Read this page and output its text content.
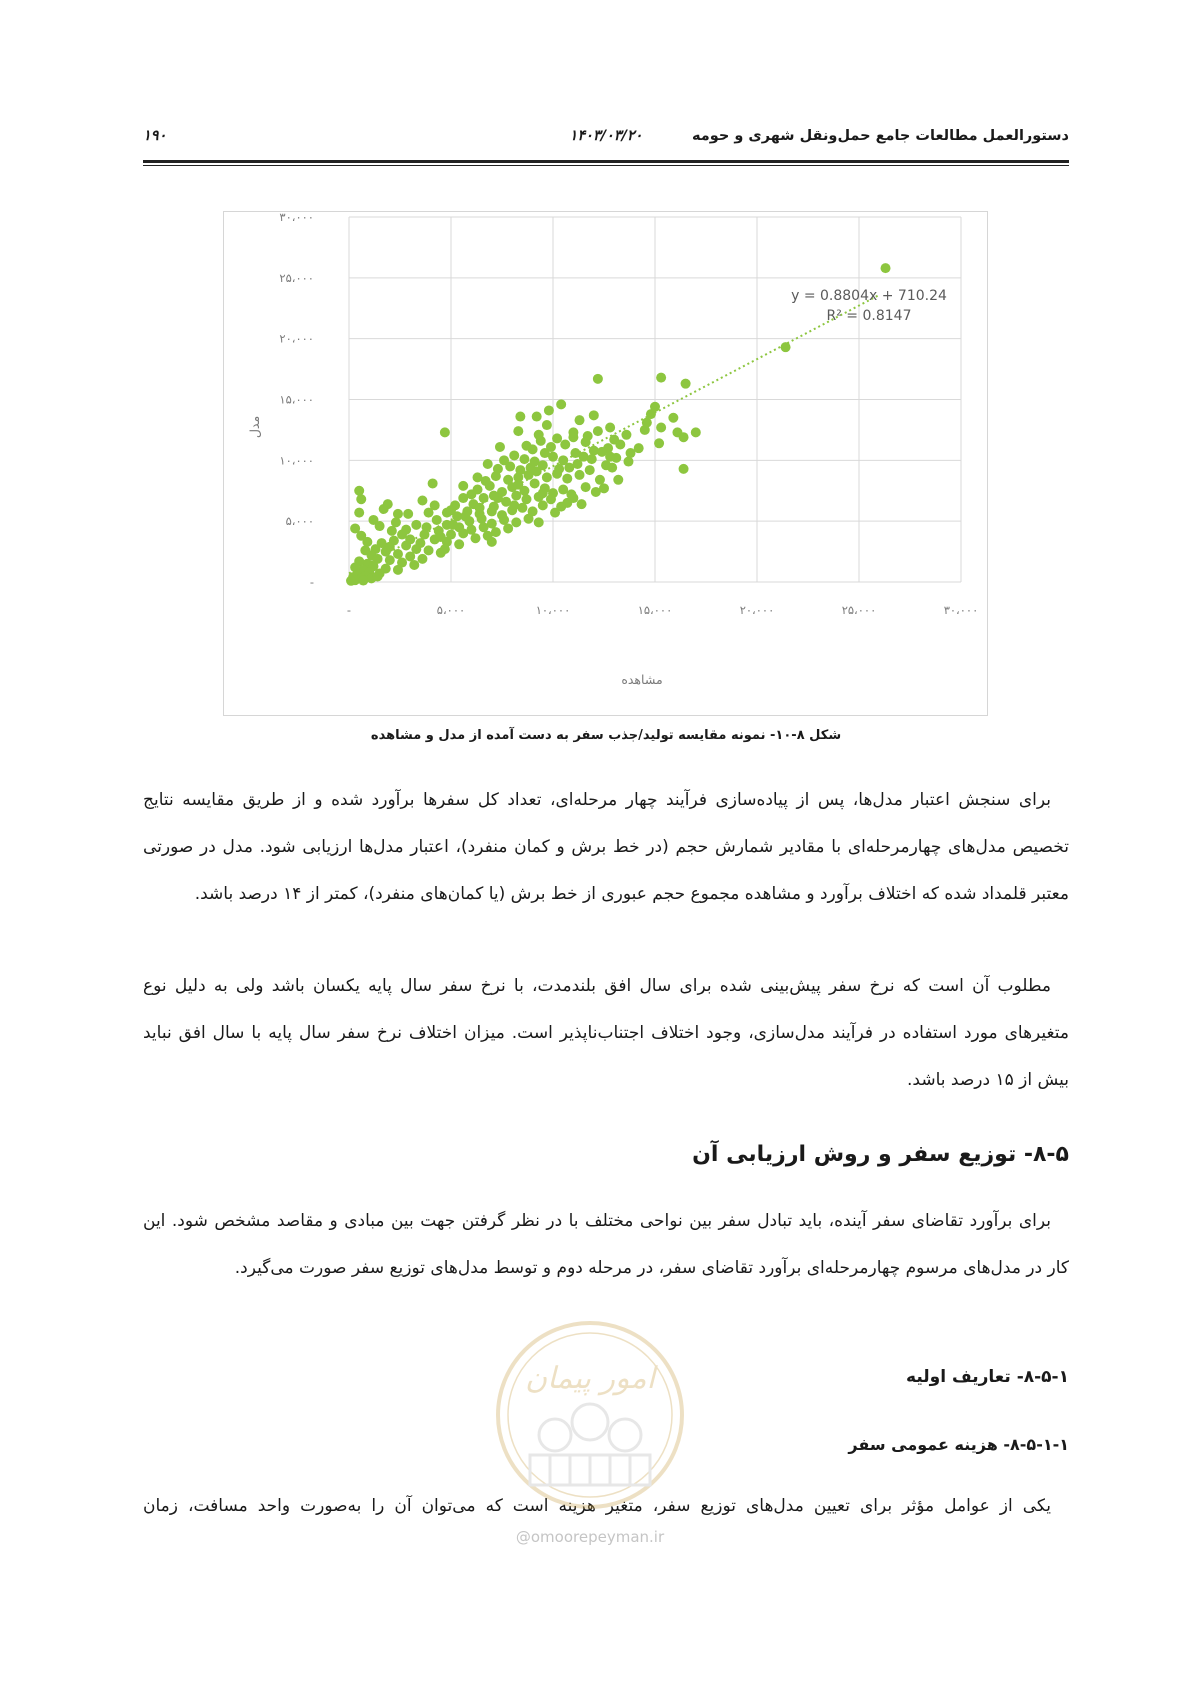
دستورالعمل مطالعات جامع حمل‌ونقل شهری و حومه
۱۴۰۳/۰۳/۲۰
۱۹۰
-
۵،۰۰۰
۱۰،۰۰۰
۱۵،۰۰۰
۲۰،۰۰۰
۲۵،۰۰۰
۳۰،۰۰۰
-	۵،۰۰۰	۱۰،۰۰۰	۱۵،۰۰۰	۲۰،۰۰۰	۲۵،۰۰۰	۳۰،۰۰۰
y = 0.8804x + 710.24
R² = 0.8147
مشاهده
مدل
شکل ۸-۱۰- نمونه مقایسه تولید/جذب سفر به دست آمده از مدل و مشاهده
برای سنجش اعتبار مدل‌ها، پس از پیاده‌سازی فرآیند چهار مرحله‌ای، تعداد کل سفرها برآورد شده و از طریق مقایسه نتایج تخصیص مدل‌های چهارمرحله‌ای با مقادیر شمارش حجم (در خط برش و کمان منفرد)، اعتبار مدل‌ها ارزیابی شود. مدل در صورتی معتبر قلمداد شده که اختلاف برآورد و مشاهده مجموع حجم عبوری از خط برش (یا کمان‌های منفرد)، کمتر از ۱۴ درصد باشد.
مطلوب آن است که نرخ سفر پیش‌بینی شده برای سال افق بلندمدت، با نرخ سفر سال پایه یکسان باشد ولی به دلیل نوع متغیرهای مورد استفاده در فرآیند مدل‌سازی، وجود اختلاف اجتناب‌ناپذیر است. میزان اختلاف نرخ سفر سال پایه با سال افق نباید بیش از ۱۵ درصد باشد.
۸-۵- توزیع سفر و روش ارزیابی آن
برای برآورد تقاضای سفر آینده، باید تبادل سفر بین نواحی مختلف با در نظر گرفتن جهت بین مبادی و مقاصد مشخص شود. این کار در مدل‌های مرسوم چهارمرحله‌ای برآورد تقاضای سفر، در مرحله دوم و توسط مدل‌های توزیع سفر صورت می‌گیرد.
۸-۵-۱- تعاریف اولیه
۸-۵-۱-۱- هزینه عمومی سفر
یکی از عوامل مؤثر برای تعیین مدل‌های توزیع سفر، متغیر هزینه است که می‌توان آن را به‌صورت واحد مسافت، زمان
امور پیمان
@omoorepeyman.ir
